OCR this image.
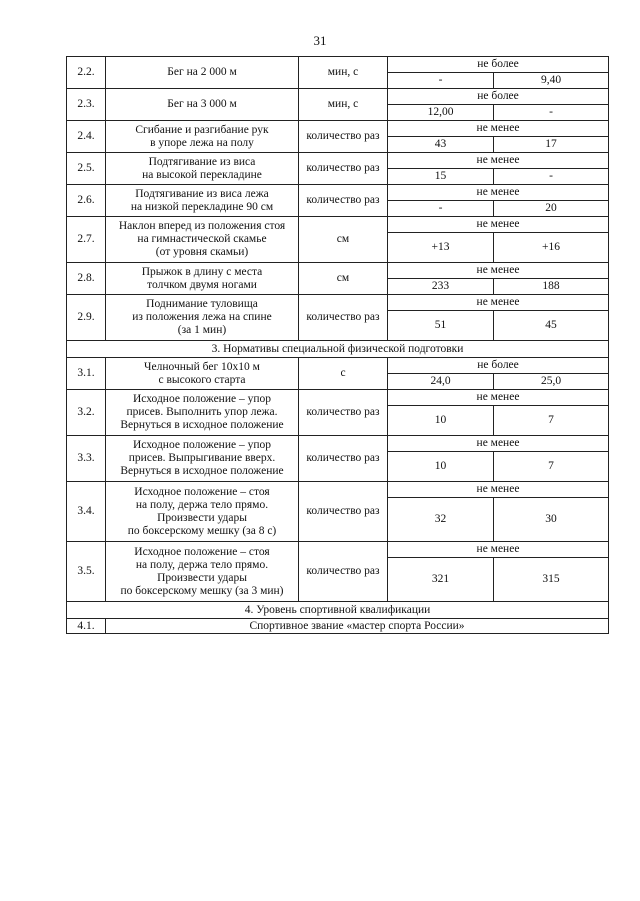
31
2.2.	Бег на 2 000 м	мин, с	не более	
			-	9,40
2.3.	Бег на 3 000 м	мин, с	не более	
			12,00	-
2.4.	Сгибание и разгибание рук
в упоре лежа на полу	количество раз	не менее	
			43	17
2.5.	Подтягивание из виса
на высокой перекладине	количество раз	не менее	
			15	-
2.6.	Подтягивание из виса лежа
на низкой перекладине 90 см	количество раз	не менее	
			-	20
2.7.	Наклон вперед из положения стоя
на гимнастической скамье
(от уровня скамьи)	см	не менее	
			+13	+16
2.8.	Прыжок в длину с места
толчком двумя ногами	см	не менее	
			233	188
2.9.	Поднимание туловища
из положения лежа на спине
(за 1 мин)	количество раз	не менее	
			51	45
3. Нормативы специальной физической подготовки				
3.1.	Челночный бег 10х10 м
с высокого старта	с	не более	
			24,0	25,0
3.2.	Исходное положение – упор
присев. Выполнить упор лежа.
Вернуться в исходное положение	количество раз	не менее	
			10	7
3.3.	Исходное положение – упор
присев. Выпрыгивание вверх.
Вернуться в исходное положение	количество раз	не менее	
			10	7
3.4.	Исходное положение – стоя
на полу, держа тело прямо.
Произвести удары
по боксерскому мешку (за 8 с)	количество раз	не менее	
			32	30
3.5.	Исходное положение – стоя
на полу, держа тело прямо.
Произвести удары
по боксерскому мешку (за 3 мин)	количество раз	не менее	
			321	315
4. Уровень спортивной квалификации				
4.1.	Спортивное звание «мастер спорта России»			
